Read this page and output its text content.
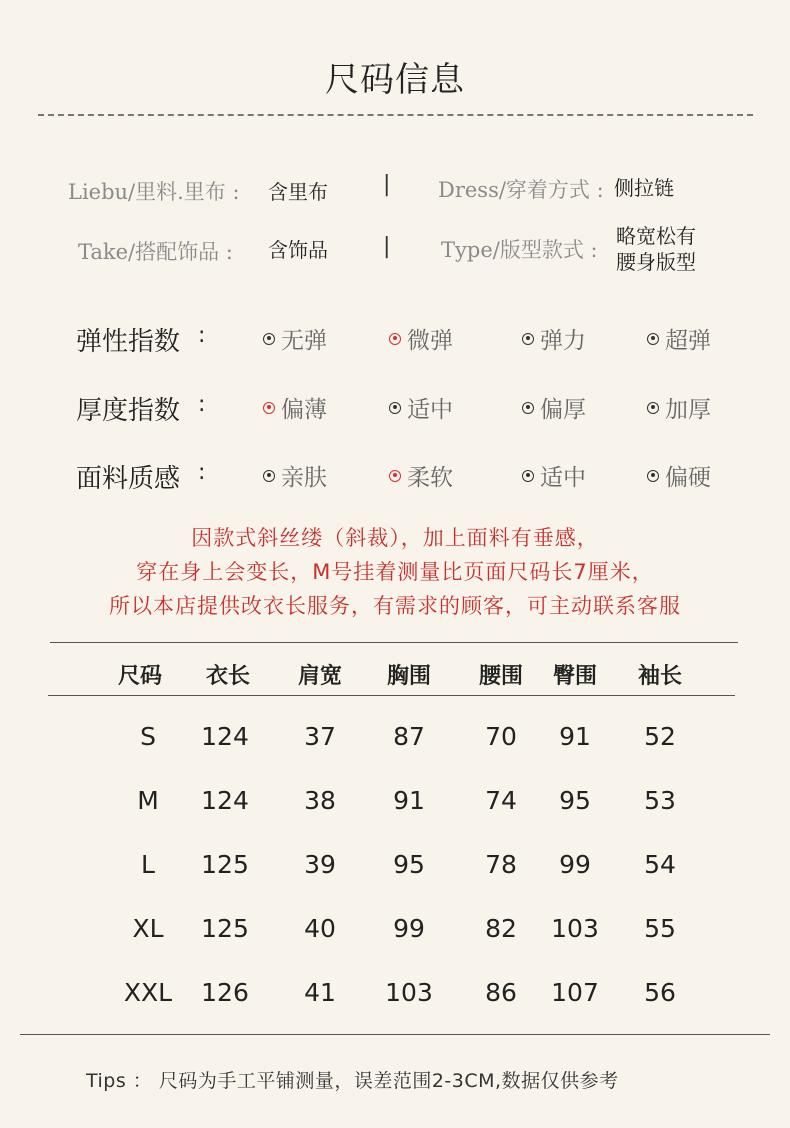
尺码信息
Liebu/里料.里布 : 含里布	| Dress/穿着方式 : 侧拉链
Take/搭配饰品 : 含饰品	| Type/版型款式 :
略宽松有
腰身版型
弹性指数 :	无弹	微弹	弹力	超弹
厚度指数 :	偏薄	适中	偏厚	加厚
面料质感 :	亲肤	柔软	适中	偏硬
因款式斜丝缕（斜裁），加上面料有垂感，
穿在身上会变长，M号挂着测量比页面尺码长7厘米，
所以本店提供改衣长服务，有需求的顾客，可主动联系客服
尺码	衣长	肩宽	胸围	腰围	臀围	袖长
S	124	37	87	70	91	52
M	124	38	91	74	95	53
L	125	39	95	78	99	54
XL	125	40	99	82	103	55
XXL	126	41	103	86	107	56
Tips ： 尺码为手工平铺测量，误差范围2-3CM,数据仅供参考
